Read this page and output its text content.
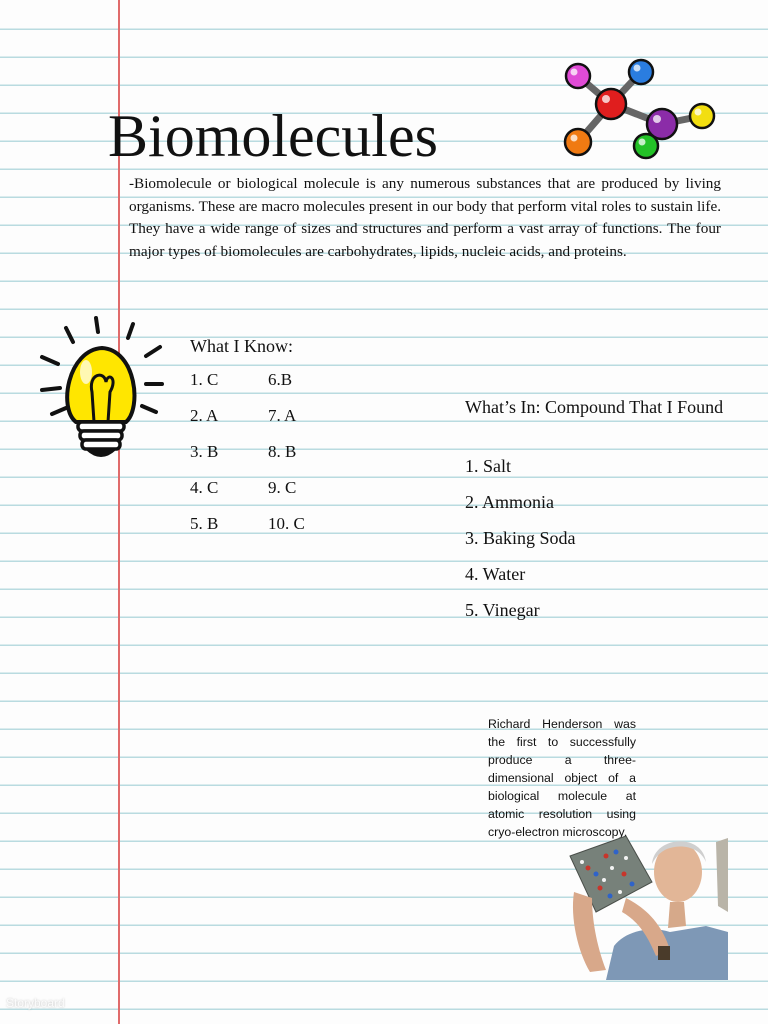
Biomolecules

-Biomolecule or biological molecule is any numerous substances that are produced by living organisms. These are macro molecules present in our body that perform vital roles to sustain life. They have a wide range of sizes and structures and perform a vast array of functions. The four major types of biomolecules are carbohydrates, lipids, nucleic acids, and proteins.

What I Know:
1. C	6.B
2. A	7. A
3. B	8. B
4. C	9. C
5. B	10. C
What’s In: Compound That I Found
1. Salt
2. Ammonia
3. Baking Soda
4. Water
5. Vinegar

Richard Henderson was the first to successfully produce a three-dimensional object of a biological molecule at atomic resolution using cryo-electron microscopy.

Storyboard
